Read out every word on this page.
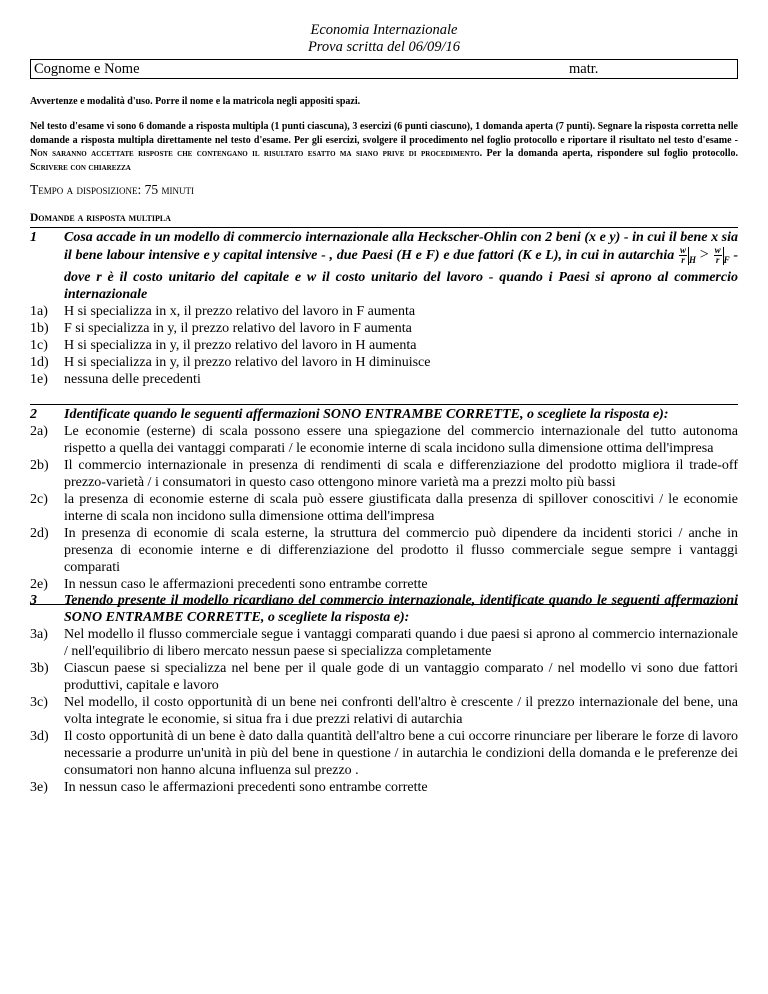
Economia Internazionale
Prova scritta del 06/09/16
Cognome e Nome	matr.
Avvertenze e modalità d'uso. Porre il nome e la matricola negli appositi spazi.
Nel testo d'esame vi sono 6 domande a risposta multipla (1 punti ciascuna), 3 esercizi (6 punti ciascuno), 1 domanda aperta (7 punti). Segnare la risposta corretta nelle domande a risposta multipla direttamente nel testo d'esame. Per gli esercizi, svolgere il procedimento nel foglio protocollo e riportare il risultato nel testo d'esame - Non saranno accettate risposte che contengano il risultato esatto ma siano prive di procedimento. Per la domanda aperta, rispondere sul foglio protocollo. Scrivere con chiarezza
Tempo a disposizione: 75 minuti
Domande a risposta multipla
1	Cosa accade in un modello di commercio internazionale alla Heckscher-Ohlin con 2 beni (x e y) - in cui il bene x sia il bene labour intensive e y capital intensive - , due Paesi (H e F) e due fattori (K e L), in cui in autarchia $\frac{w}{r} _H > \frac{w}{r} _F$ - dove r è il costo unitario del capitale e w il costo unitario del lavoro - quando i Paesi si aprono al commercio internazionale
1a)	H si specializza in x, il prezzo relativo del lavoro in F aumenta
1b)	F si specializza in y, il prezzo relativo del lavoro in F aumenta
1c)	H si specializza in y, il prezzo relativo del lavoro in H aumenta
1d)	H si specializza in y, il prezzo relativo del lavoro in H diminuisce
1e)	nessuna delle precedenti
2	Identificate quando le seguenti affermazioni SONO ENTRAMBE CORRETTE, o scegliete la risposta e):
2a)	Le economie (esterne) di scala possono essere una spiegazione del commercio internazionale del tutto autonoma rispetto a quella dei vantaggi comparati / le economie interne di scala incidono sulla dimensione ottima dell'impresa
2b)	Il commercio internazionale in presenza di rendimenti di scala e differenziazione del prodotto migliora il trade-off prezzo-varietà / i consumatori in questo caso ottengono minore varietà ma a prezzi molto più bassi
2c)	la presenza di economie esterne di scala può essere giustificata dalla presenza di spillover conoscitivi / le economie interne di scala non incidono sulla dimensione ottima dell'impresa
2d)	In presenza di economie di scala esterne, la struttura del commercio può dipendere da incidenti storici / anche in presenza di economie interne e di differenziazione del prodotto il flusso commerciale segue sempre i vantaggi comparati
2e)	In nessun caso le affermazioni precedenti sono entrambe corrette
3	Tenendo presente il modello ricardiano del commercio internazionale, identificate quando le seguenti affermazioni SONO ENTRAMBE CORRETTE, o scegliete la risposta e):
3a)	Nel modello il flusso commerciale segue i vantaggi comparati quando i due paesi si aprono al commercio internazionale / nell'equilibrio di libero mercato nessun paese si specializza completamente
3b)	Ciascun paese si specializza nel bene per il quale gode di un vantaggio comparato / nel modello vi sono due fattori produttivi, capitale e lavoro
3c)	Nel modello, il costo opportunità di un bene nei confronti dell'altro è crescente / il prezzo internazionale del bene, una volta integrate le economie, si situa fra i due prezzi relativi di autarchia
3d)	Il costo opportunità di un bene è dato dalla quantità dell'altro bene a cui occorre rinunciare per liberare le forze di lavoro necessarie a produrre un'unità in più del bene in questione / in autarchia le condizioni della domanda e le preferenze dei consumatori non hanno alcuna influenza sul prezzo .
3e)	In nessun caso le affermazioni precedenti sono entrambe corrette
